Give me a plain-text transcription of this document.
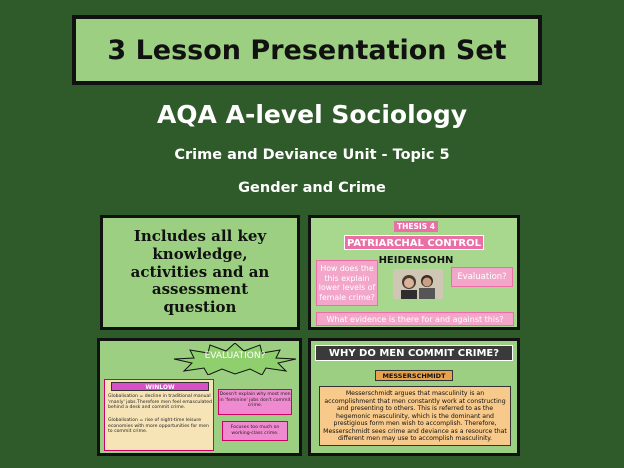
3 Lesson Presentation Set
AQA A-level Sociology
Crime and Deviance Unit - Topic 5
Gender and Crime
Includes all key knowledge, activities and an assessment question
THESIS 4
PATRIARCHAL CONTROL
HEIDENSOHN
How does the this explain lower levels of female crime?
Evaluation?
What evidence is there for and against this?
EVALUATION?
WINLOW
Globalisation = decline in traditional manual 'manly' jobs.Therefore men feel emasculated behind a desk and commit crime.
Globalisation = rise of night-time leisure economies with more opportunities for men to commit crime.
Doesn't explain why most men in 'feminine' jobs don't commit crime.
Focuses too much on working-class crime.
WHY DO MEN COMMIT CRIME?
MESSERSCHMIDT
Messerschmidt argues that masculinity is an accomplishment that men constantly work at constructing and presenting to others. This is referred to as the hegemonic masculinity, which is the dominant and prestigious form men wish to accomplish. Therefore, Messerschmidt sees crime and deviance as a resource that different men may use to accomplish masculinity.
